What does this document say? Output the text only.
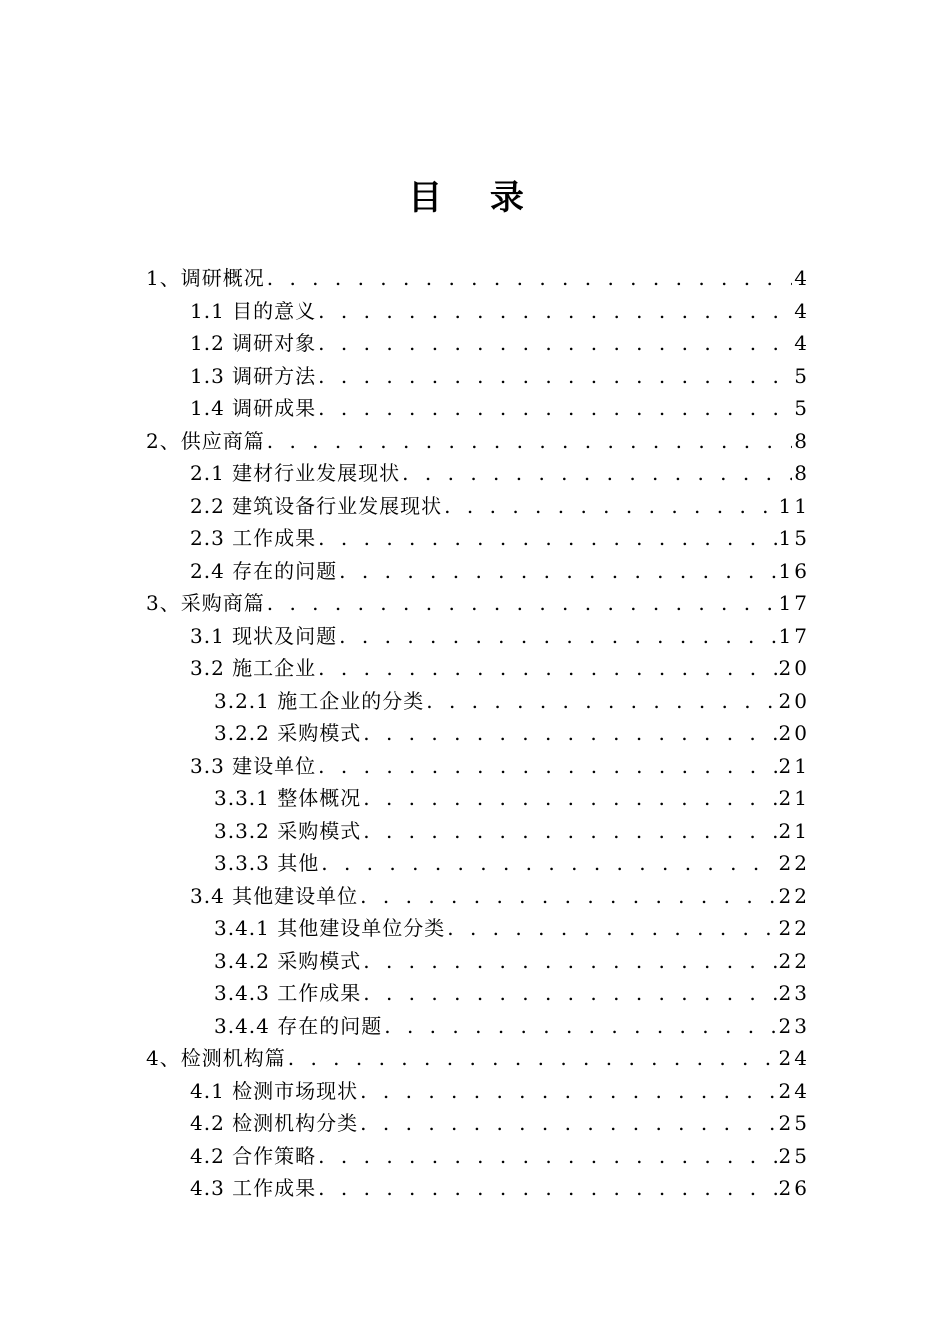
目 录
1、调研概况 . . .	4
1.1 目的意义 . . .	4
1.2 调研对象 . . .	4
1.3 调研方法 . . .	5
1.4 调研成果 . . .	5
2、供应商篇 . . .	8
2.1 建材行业发展现状 . . .	8
2.2 建筑设备行业发展现状 . . .	11
2.3 工作成果 . . .	15
2.4 存在的问题 . . .	16
3、采购商篇 . . .	17
3.1 现状及问题 . . .	17
3.2 施工企业 . . .	20
3.2.1 施工企业的分类 . . .	20
3.2.2 采购模式 . . .	20
3.3 建设单位 . . .	21
3.3.1 整体概况 . . .	21
3.3.2 采购模式 . . .	21
3.3.3 其他 . . .	22
3.4 其他建设单位 . . .	22
3.4.1 其他建设单位分类 . . .	22
3.4.2 采购模式 . . .	22
3.4.3 工作成果 . . .	23
3.4.4 存在的问题 . . .	23
4、检测机构篇 . . .	24
4.1 检测市场现状 . . .	24
4.2 检测机构分类 . . .	25
4.2 合作策略 . . .	25
4.3 工作成果 . . .	26
